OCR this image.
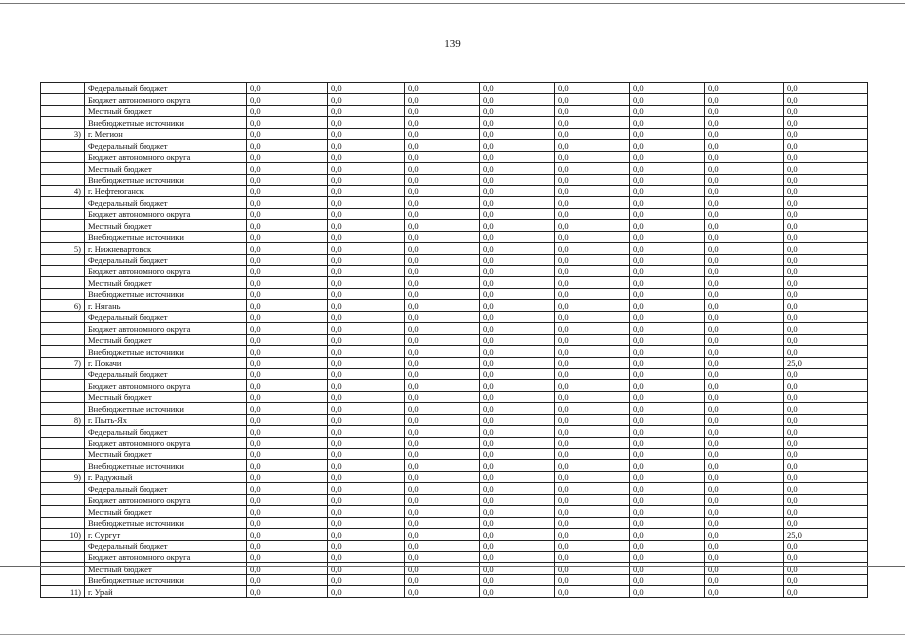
139
	Федеральный бюджет	0,0	0,0	0,0	0,0	0,0	0,0	0,0	0,0
	Бюджет автономного округа	0,0	0,0	0,0	0,0	0,0	0,0	0,0	0,0
	Местный бюджет	0,0	0,0	0,0	0,0	0,0	0,0	0,0	0,0
	Внебюджетные источники	0,0	0,0	0,0	0,0	0,0	0,0	0,0	0,0
3)	г. Мегион	0,0	0,0	0,0	0,0	0,0	0,0	0,0	0,0
	Федеральный бюджет	0,0	0,0	0,0	0,0	0,0	0,0	0,0	0,0
	Бюджет автономного округа	0,0	0,0	0,0	0,0	0,0	0,0	0,0	0,0
	Местный бюджет	0,0	0,0	0,0	0,0	0,0	0,0	0,0	0,0
	Внебюджетные источники	0,0	0,0	0,0	0,0	0,0	0,0	0,0	0,0
4)	г. Нефтеюганск	0,0	0,0	0,0	0,0	0,0	0,0	0,0	0,0
	Федеральный бюджет	0,0	0,0	0,0	0,0	0,0	0,0	0,0	0,0
	Бюджет автономного округа	0,0	0,0	0,0	0,0	0,0	0,0	0,0	0,0
	Местный бюджет	0,0	0,0	0,0	0,0	0,0	0,0	0,0	0,0
	Внебюджетные источники	0,0	0,0	0,0	0,0	0,0	0,0	0,0	0,0
5)	г. Нижневартовск	0,0	0,0	0,0	0,0	0,0	0,0	0,0	0,0
	Федеральный бюджет	0,0	0,0	0,0	0,0	0,0	0,0	0,0	0,0
	Бюджет автономного округа	0,0	0,0	0,0	0,0	0,0	0,0	0,0	0,0
	Местный бюджет	0,0	0,0	0,0	0,0	0,0	0,0	0,0	0,0
	Внебюджетные источники	0,0	0,0	0,0	0,0	0,0	0,0	0,0	0,0
6)	г. Нягань	0,0	0,0	0,0	0,0	0,0	0,0	0,0	0,0
	Федеральный бюджет	0,0	0,0	0,0	0,0	0,0	0,0	0,0	0,0
	Бюджет автономного округа	0,0	0,0	0,0	0,0	0,0	0,0	0,0	0,0
	Местный бюджет	0,0	0,0	0,0	0,0	0,0	0,0	0,0	0,0
	Внебюджетные источники	0,0	0,0	0,0	0,0	0,0	0,0	0,0	0,0
7)	г. Покачи	0,0	0,0	0,0	0,0	0,0	0,0	0,0	25,0
	Федеральный бюджет	0,0	0,0	0,0	0,0	0,0	0,0	0,0	0,0
	Бюджет автономного округа	0,0	0,0	0,0	0,0	0,0	0,0	0,0	0,0
	Местный бюджет	0,0	0,0	0,0	0,0	0,0	0,0	0,0	0,0
	Внебюджетные источники	0,0	0,0	0,0	0,0	0,0	0,0	0,0	0,0
8)	г. Пыть-Ях	0,0	0,0	0,0	0,0	0,0	0,0	0,0	0,0
	Федеральный бюджет	0,0	0,0	0,0	0,0	0,0	0,0	0,0	0,0
	Бюджет автономного округа	0,0	0,0	0,0	0,0	0,0	0,0	0,0	0,0
	Местный бюджет	0,0	0,0	0,0	0,0	0,0	0,0	0,0	0,0
	Внебюджетные источники	0,0	0,0	0,0	0,0	0,0	0,0	0,0	0,0
9)	г. Радужный	0,0	0,0	0,0	0,0	0,0	0,0	0,0	0,0
	Федеральный бюджет	0,0	0,0	0,0	0,0	0,0	0,0	0,0	0,0
	Бюджет автономного округа	0,0	0,0	0,0	0,0	0,0	0,0	0,0	0,0
	Местный бюджет	0,0	0,0	0,0	0,0	0,0	0,0	0,0	0,0
	Внебюджетные источники	0,0	0,0	0,0	0,0	0,0	0,0	0,0	0,0
10)	г. Сургут	0,0	0,0	0,0	0,0	0,0	0,0	0,0	25,0
	Федеральный бюджет	0,0	0,0	0,0	0,0	0,0	0,0	0,0	0,0
	Бюджет автономного округа	0,0	0,0	0,0	0,0	0,0	0,0	0,0	0,0
	Местный бюджет	0,0	0,0	0,0	0,0	0,0	0,0	0,0	0,0
	Внебюджетные источники	0,0	0,0	0,0	0,0	0,0	0,0	0,0	0,0
11)	г. Урай	0,0	0,0	0,0	0,0	0,0	0,0	0,0	0,0
